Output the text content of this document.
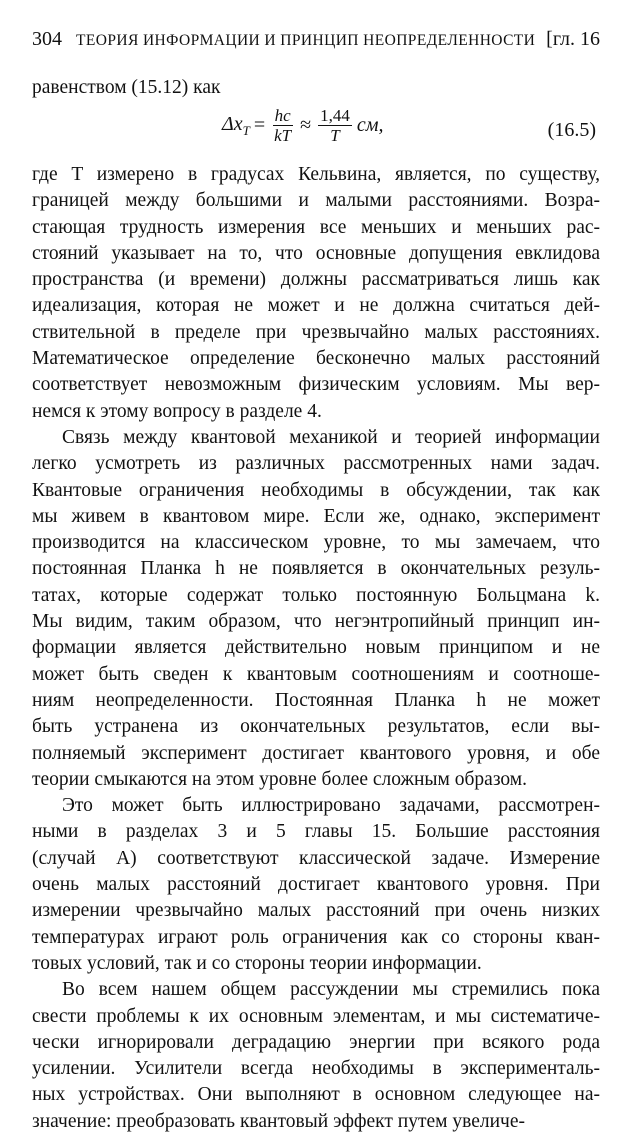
304 ТЕОРИЯ ИНФОРМАЦИИ И ПРИНЦИП НЕОПРЕДЕЛЕННОСТИ [гл. 16
равенством (15.12) как
$\Delta x_T = \frac{hc}{kT} \approx \frac{1,44}{T}$ см,	(16.5)
где T измерено в градусах Кельвина, является, по существу,
границей между большими и малыми расстояниями. Возра-
стающая трудность измерения все меньших и меньших рас-
стояний указывает на то, что основные допущения евклидова
пространства (и времени) должны рассматриваться лишь как
идеализация, которая не может и не должна считаться дей-
ствительной в пределе при чрезвычайно малых расстояниях.
Математическое определение бесконечно малых расстояний
соответствует невозможным физическим условиям. Мы вер-
немся к этому вопросу в разделе 4.
Связь между квантовой механикой и теорией информации
легко усмотреть из различных рассмотренных нами задач.
Квантовые ограничения необходимы в обсуждении, так как
мы живем в квантовом мире. Если же, однако, эксперимент
производится на классическом уровне, то мы замечаем, что
постоянная Планка h не появляется в окончательных резуль-
татах, которые содержат только постоянную Больцмана k.
Мы видим, таким образом, что негэнтропийный принцип ин-
формации является действительно новым принципом и не
может быть сведен к квантовым соотношениям и соотноше-
ниям неопределенности. Постоянная Планка h не может
быть устранена из окончательных результатов, если вы-
полняемый эксперимент достигает квантового уровня, и обе
теории смыкаются на этом уровне более сложным образом.
Это может быть иллюстрировано задачами, рассмотрен-
ными в разделах 3 и 5 главы 15. Большие расстояния
(случай A) соответствуют классической задаче. Измерение
очень малых расстояний достигает квантового уровня. При
измерении чрезвычайно малых расстояний при очень низких
температурах играют роль ограничения как со стороны кван-
товых условий, так и со стороны теории информации.
Во всем нашем общем рассуждении мы стремились пока
свести проблемы к их основным элементам, и мы систематиче-
чески игнорировали деградацию энергии при всякого рода
усилении. Усилители всегда необходимы в эксперименталь-
ных устройствах. Они выполняют в основном следующее на-
значение: преобразовать квантовый эффект путем увеличе-
